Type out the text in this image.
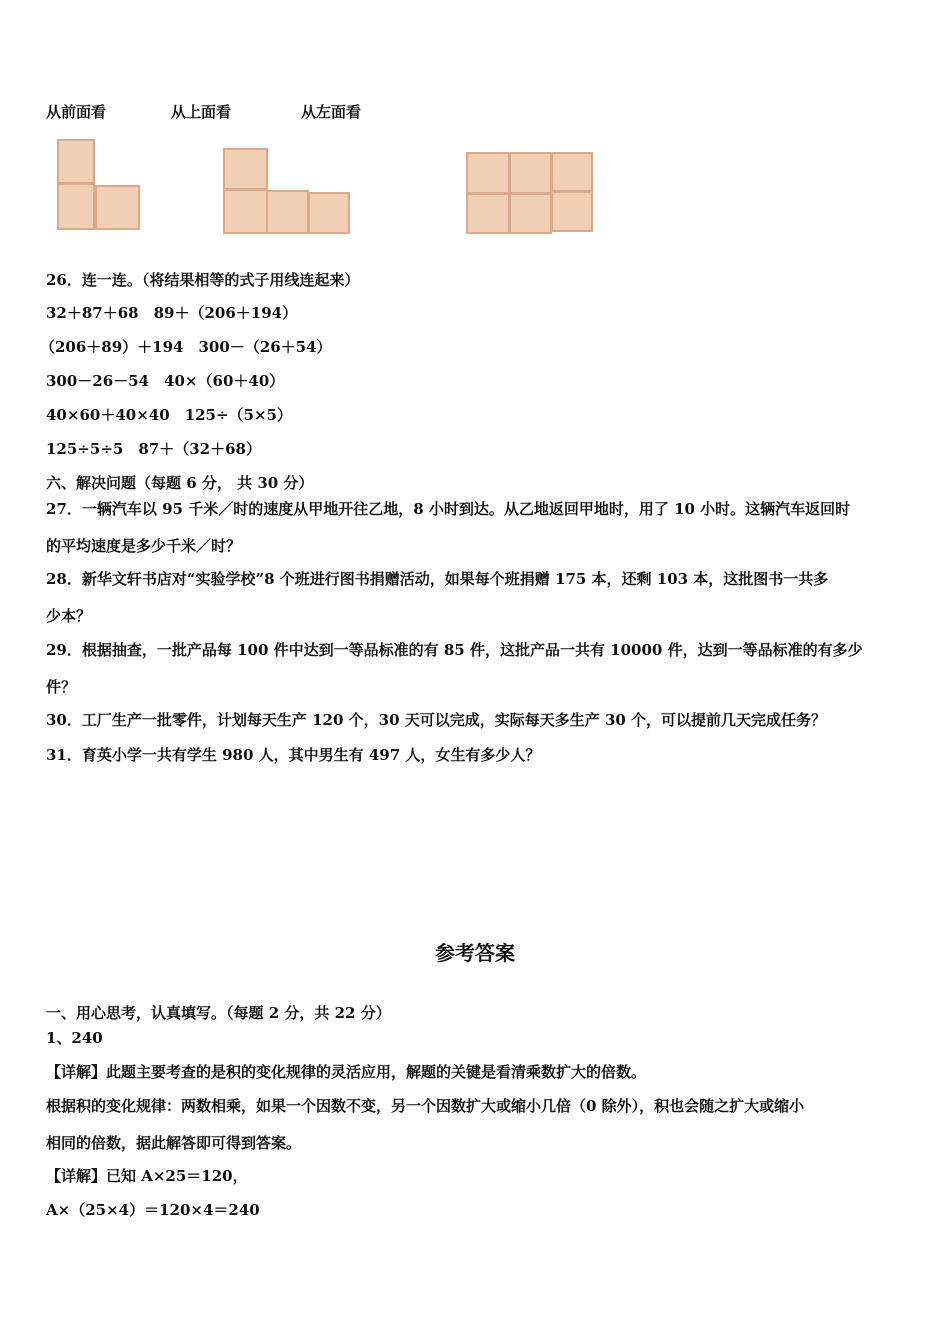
从前面看	从上面看	从左面看
26．连一连。（将结果相等的式子用线连起来）
32＋87＋68　89＋（206＋194）
（206＋89）＋194　300－（26＋54）
300－26－54　40×（60＋40）
40×60＋40×40　125÷（5×5）
125÷5÷5　87＋（32＋68）
六、解决问题（每题 6 分， 共 30 分）
27．一辆汽车以 95 千米／时的速度从甲地开往乙地，8 小时到达。从乙地返回甲地时，用了 10 小时。这辆汽车返回时
的平均速度是多少千米／时？
28．新华文轩书店对“实验学校”8 个班进行图书捐赠活动，如果每个班捐赠 175 本，还剩 103 本，这批图书一共多
少本？
29．根据抽查，一批产品每 100 件中达到一等品标准的有 85 件，这批产品一共有 10000 件，达到一等品标准的有多少
件？
30．工厂生产一批零件，计划每天生产 120 个，30 天可以完成，实际每天多生产 30 个，可以提前几天完成任务？
31．育英小学一共有学生 980 人，其中男生有 497 人，女生有多少人？
参考答案
一、用心思考，认真填写。（每题 2 分，共 22 分）
1、240
【详解】此题主要考查的是积的变化规律的灵活应用，解题的关键是看清乘数扩大的倍数。
根据积的变化规律：两数相乘，如果一个因数不变，另一个因数扩大或缩小几倍（0 除外），积也会随之扩大或缩小
相同的倍数，据此解答即可得到答案。
【详解】已知 A×25＝120，
A×（25×4）＝120×4＝240
